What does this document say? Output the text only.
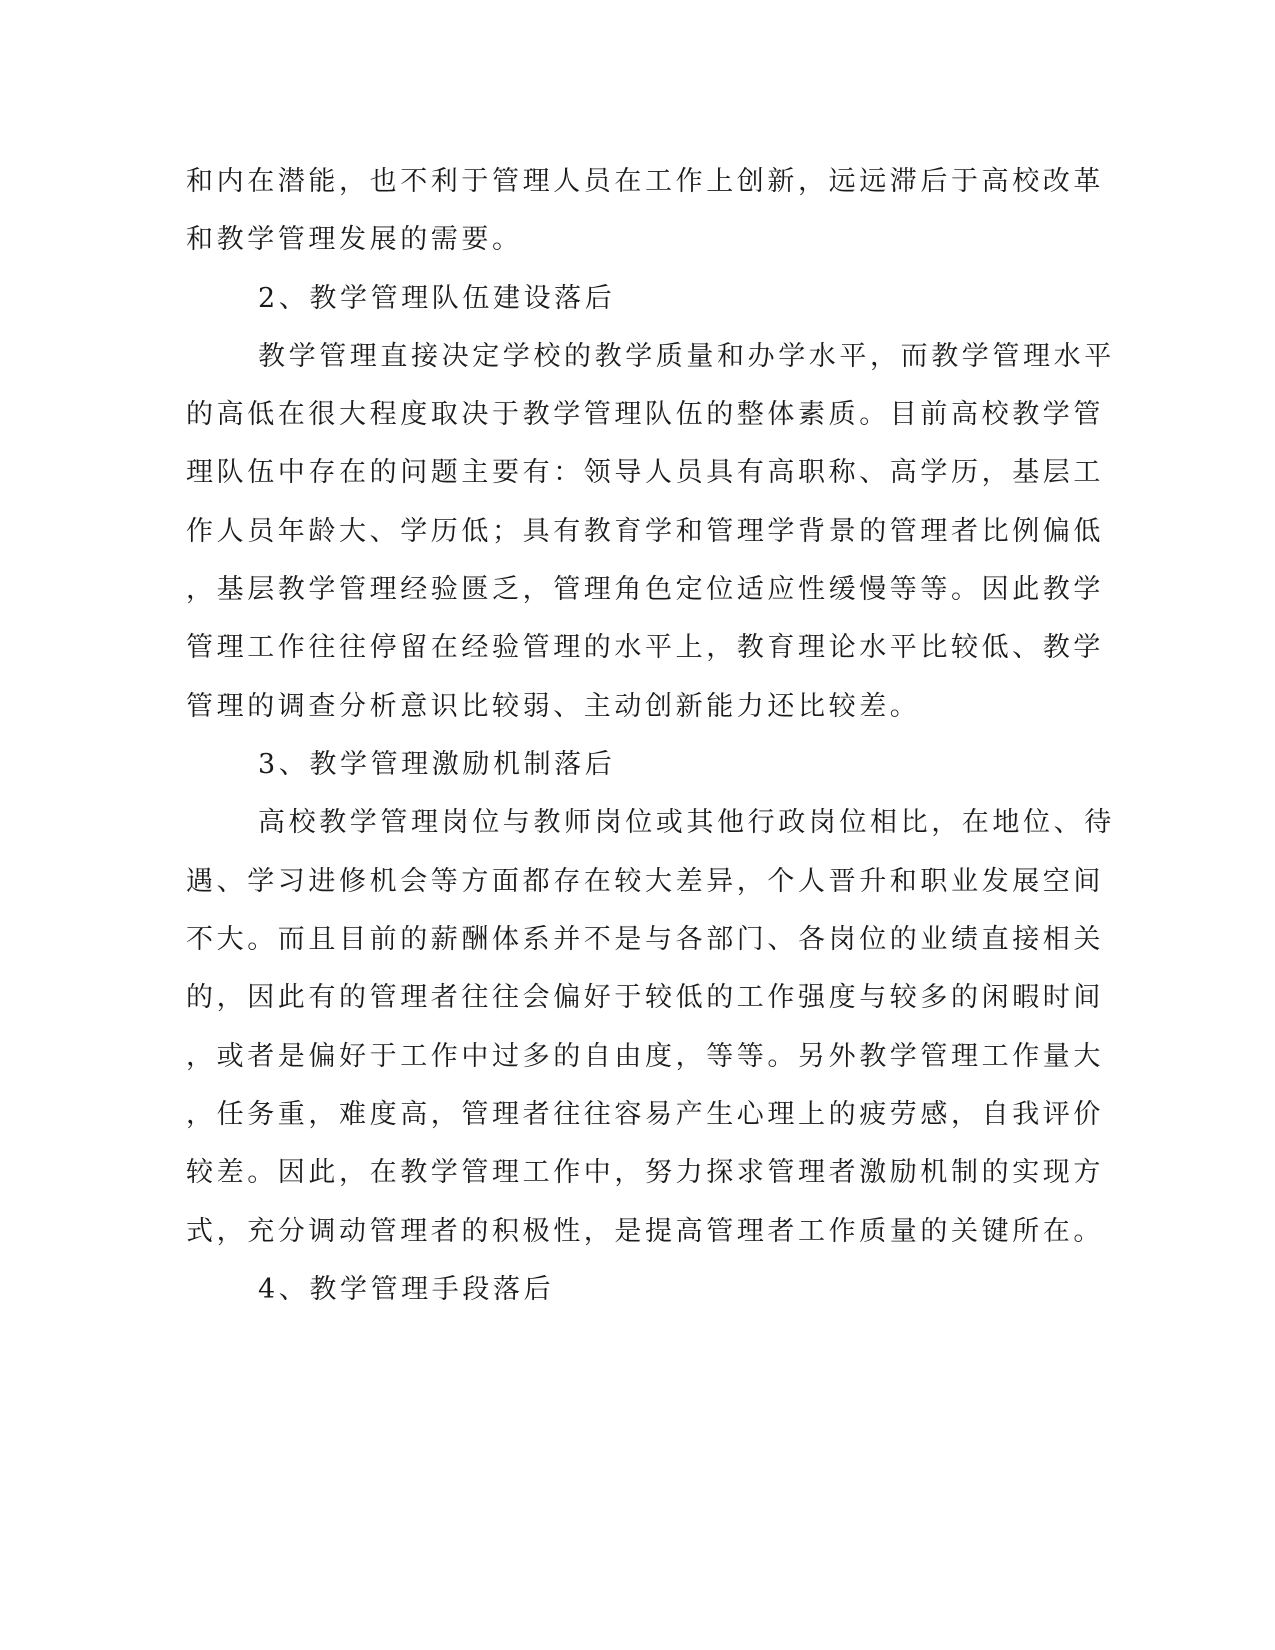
和内在潜能，也不利于管理人员在工作上创新，远远滞后于高校改革
和教学管理发展的需要。
2、教学管理队伍建设落后
教学管理直接决定学校的教学质量和办学水平，而教学管理水平
的高低在很大程度取决于教学管理队伍的整体素质。目前高校教学管
理队伍中存在的问题主要有：领导人员具有高职称、高学历，基层工
作人员年龄大、学历低；具有教育学和管理学背景的管理者比例偏低
，基层教学管理经验匮乏，管理角色定位适应性缓慢等等。因此教学
管理工作往往停留在经验管理的水平上，教育理论水平比较低、教学
管理的调查分析意识比较弱、主动创新能力还比较差。
3、教学管理激励机制落后
高校教学管理岗位与教师岗位或其他行政岗位相比，在地位、待
遇、学习进修机会等方面都存在较大差异，个人晋升和职业发展空间
不大。而且目前的薪酬体系并不是与各部门、各岗位的业绩直接相关
的，因此有的管理者往往会偏好于较低的工作强度与较多的闲暇时间
，或者是偏好于工作中过多的自由度，等等。另外教学管理工作量大
，任务重，难度高，管理者往往容易产生心理上的疲劳感，自我评价
较差。因此，在教学管理工作中，努力探求管理者激励机制的实现方
式，充分调动管理者的积极性，是提高管理者工作质量的关键所在。
4、教学管理手段落后
